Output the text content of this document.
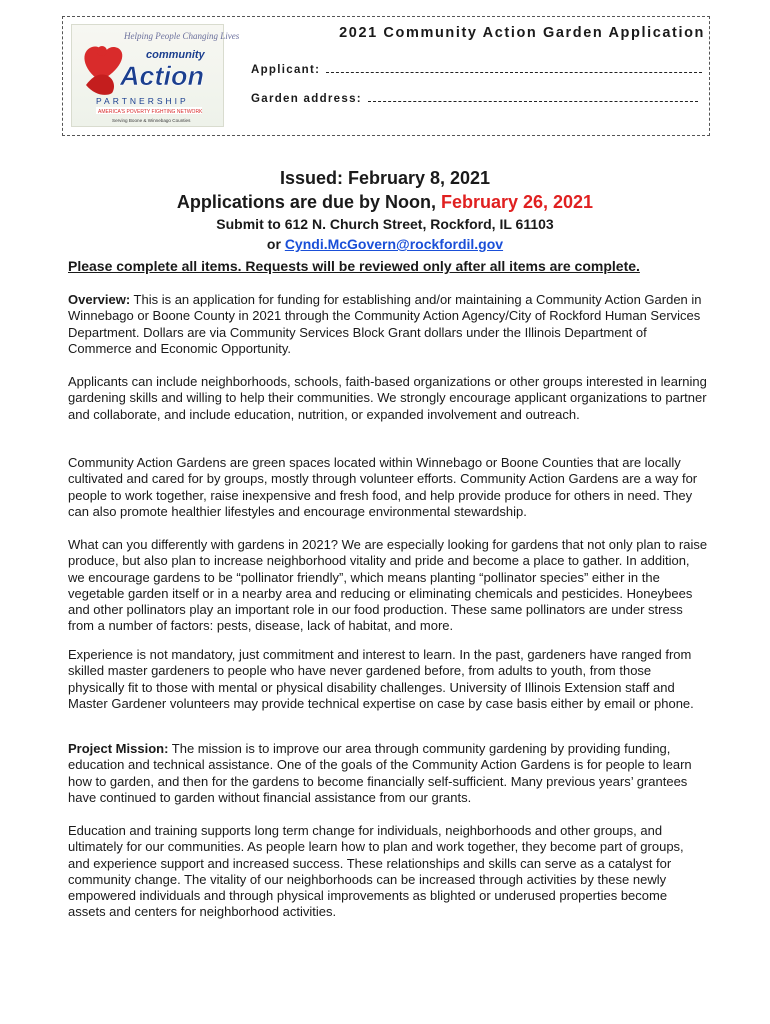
Helping People Changing Lives
community
Action
PARTNERSHIP
AMERICA'S POVERTY FIGHTING NETWORK
Serving Boone & Winnebago Counties
2021 Community Action Garden Application
Applicant:
Garden address:
Issued: February 8, 2021
Applications are due by Noon, February 26, 2021
Submit to 612 N. Church Street, Rockford, IL 61103
or Cyndi.McGovern@rockfordil.gov
Please complete all items. Requests will be reviewed only after all items are complete.
Overview: This is an application for funding for establishing and/or maintaining a Community Action Garden in Winnebago or Boone County in 2021 through the Community Action Agency/City of Rockford Human Services Department. Dollars are via Community Services Block Grant dollars under the Illinois Department of Commerce and Economic Opportunity.
Applicants can include neighborhoods, schools, faith-based organizations or other groups interested in learning gardening skills and willing to help their communities. We strongly encourage applicant organizations to partner and collaborate, and include education, nutrition, or expanded involvement and outreach.
Community Action Gardens are green spaces located within Winnebago or Boone Counties that are locally cultivated and cared for by groups, mostly through volunteer efforts. Community Action Gardens are a way for people to work together, raise inexpensive and fresh food, and help provide produce for others in need. They can also promote healthier lifestyles and encourage environmental stewardship.
What can you differently with gardens in 2021? We are especially looking for gardens that not only plan to raise produce, but also plan to increase neighborhood vitality and pride and become a place to gather. In addition, we encourage gardens to be “pollinator friendly”, which means planting “pollinator species” either in the vegetable garden itself or in a nearby area and reducing or eliminating chemicals and pesticides. Honeybees and other pollinators play an important role in our food production. These same pollinators are under stress from a number of factors: pests, disease, lack of habitat, and more.
Experience is not mandatory, just commitment and interest to learn. In the past, gardeners have ranged from skilled master gardeners to people who have never gardened before, from adults to youth, from those physically fit to those with mental or physical disability challenges. University of Illinois Extension staff and Master Gardener volunteers may provide technical expertise on case by case basis either by email or phone.
Project Mission: The mission is to improve our area through community gardening by providing funding, education and technical assistance. One of the goals of the Community Action Gardens is for people to learn how to garden, and then for the gardens to become financially self-sufficient. Many previous years’ grantees have continued to garden without financial assistance from our grants.
Education and training supports long term change for individuals, neighborhoods and other groups, and ultimately for our communities. As people learn how to plan and work together, they become part of groups, and experience support and increased success. These relationships and skills can serve as a catalyst for community change. The vitality of our neighborhoods can be increased through activities by these newly empowered individuals and through physical improvements as blighted or underused properties become assets and centers for neighborhood activities.
